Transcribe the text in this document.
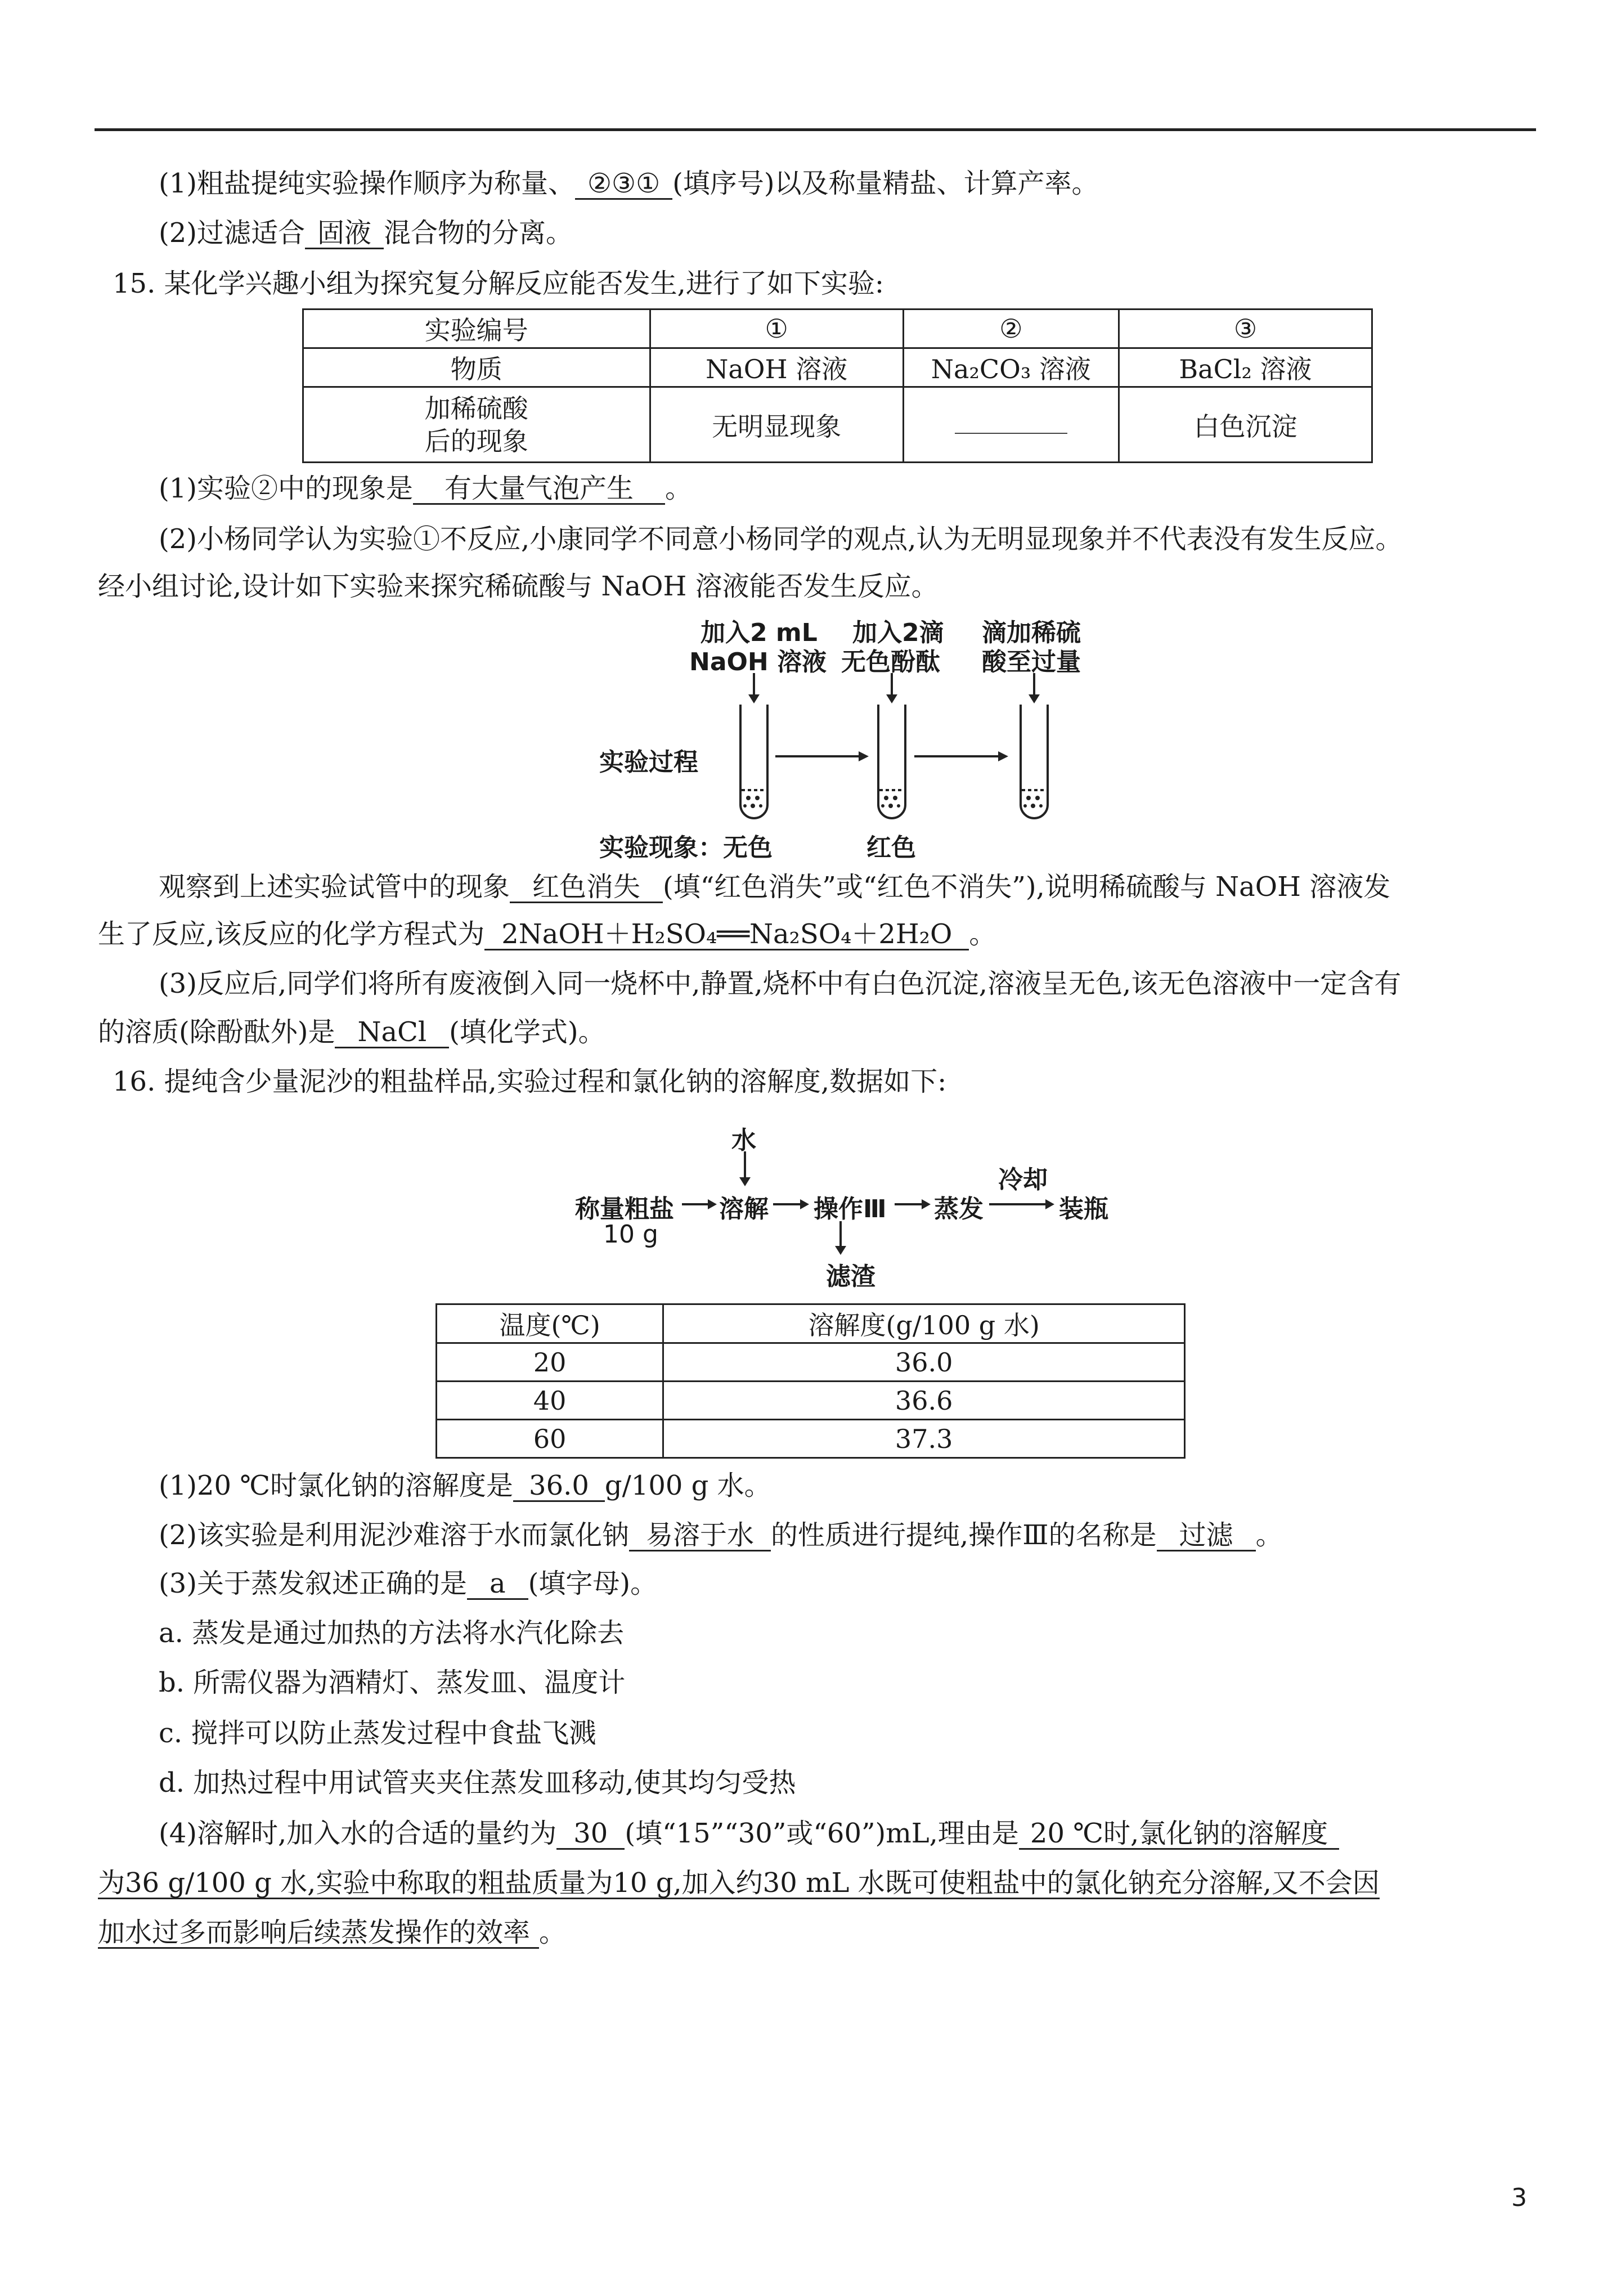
(1)粗盐提纯实验操作顺序为称量、 ②③① (填序号)以及称量精盐、计算产率。
(2)过滤适合 固液 混合物的分离。
15. 某化学兴趣小组为探究复分解反应能否发生,进行了如下实验:
实验编号	①	②	③
物质	NaOH 溶液	Na₂CO₃ 溶液	BaCl₂ 溶液

加稀硫酸
后的现象	无明显现象		白色沉淀
(1)实验②中的现象是 有大量气泡产生 。
(2)小杨同学认为实验①不反应,小康同学不同意小杨同学的观点,认为无明显现象并不代表没有发生反应。
经小组讨论,设计如下实验来探究稀硫酸与 NaOH 溶液能否发生反应。
加入2 mL
NaOH 溶液
加入2滴
无色酚酞
滴加稀硫
酸至过量
实验过程
实验现象：无色	红色
观察到上述实验试管中的现象 红色消失 (填“红色消失”或“红色不消失”),说明稀硫酸与 NaOH 溶液发
生了反应,该反应的化学方程式为 2NaOH＋H₂SO₄══Na₂SO₄＋2H₂O 。
(3)反应后,同学们将所有废液倒入同一烧杯中,静置,烧杯中有白色沉淀,溶液呈无色,该无色溶液中一定含有
的溶质(除酚酞外)是 NaCl (填化学式)。
16. 提纯含少量泥沙的粗盐样品,实验过程和氯化钠的溶解度,数据如下:
水
称量粗盐
10 g
溶解 操作Ⅲ 蒸发
冷却
装瓶
滤渣
温度(℃)	溶解度(g/100 g 水)
20	36.0
40	36.6
60	37.3
(1)20 ℃时氯化钠的溶解度是 36.0 g/100 g 水。
(2)该实验是利用泥沙难溶于水而氯化钠 易溶于水 的性质进行提纯,操作Ⅲ的名称是 过滤 。
(3)关于蒸发叙述正确的是 a (填字母)。
a. 蒸发是通过加热的方法将水汽化除去
b. 所需仪器为酒精灯、蒸发皿、温度计
c. 搅拌可以防止蒸发过程中食盐飞溅
d. 加热过程中用试管夹夹住蒸发皿移动,使其均匀受热
(4)溶解时,加入水的合适的量约为 30 (填“15”“30”或“60”)mL,理由是 20 ℃时,氯化钠的溶解度
为36 g/100 g 水,实验中称取的粗盐质量为10 g,加入约30 mL 水既可使粗盐中的氯化钠充分溶解,又不会因
加水过多而影响后续蒸发操作的效率 。
3
